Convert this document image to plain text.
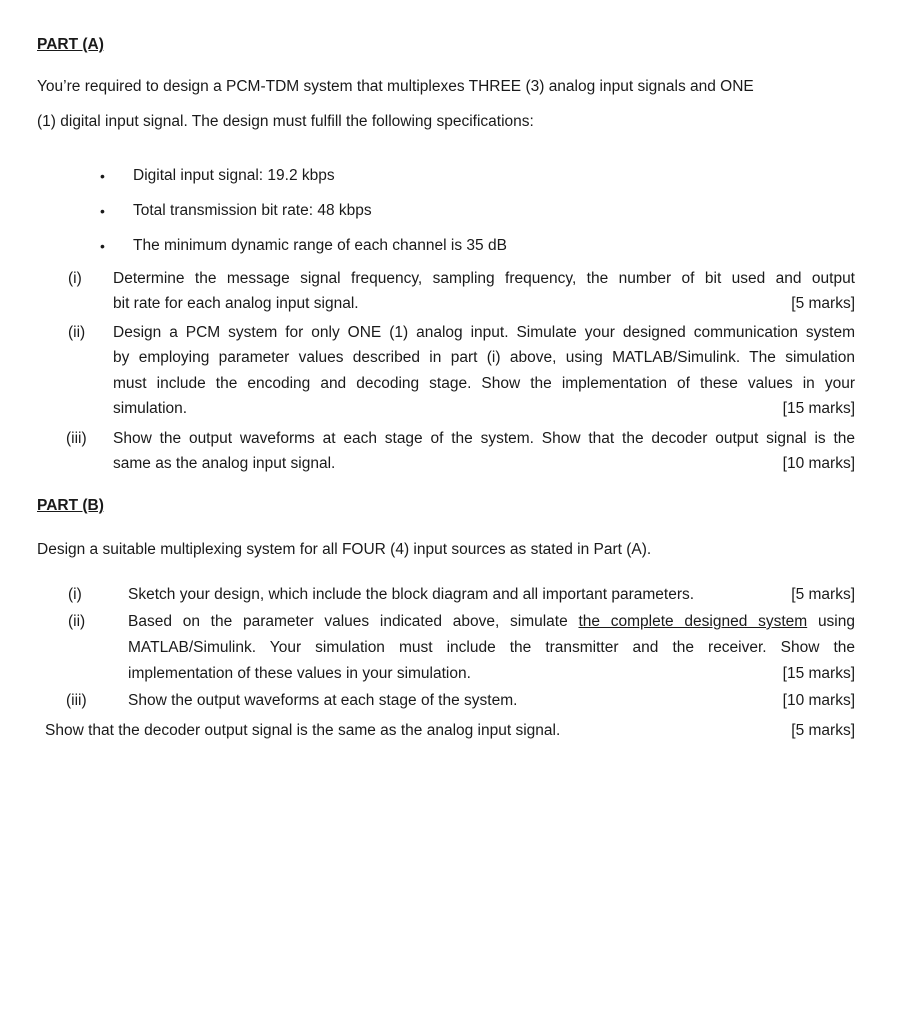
PART (A)
You’re required to design a PCM-TDM system that multiplexes THREE (3) analog input signals and ONE
(1) digital input signal. The design must fulfill the following specifications:
• Digital input signal: 19.2 kbps
• Total transmission bit rate: 48 kbps
• The minimum dynamic range of each channel is 35 dB
(i) Determine the message signal frequency, sampling frequency, the number of bit used and output
bit rate for each analog input signal.	[5 marks]
(ii) Design a PCM system for only ONE (1) analog input. Simulate your designed communication system
by employing parameter values described in part (i) above, using MATLAB/Simulink. The simulation
must include the encoding and decoding stage. Show the implementation of these values in your
simulation.	[15 marks]
(iii) Show the output waveforms at each stage of the system. Show that the decoder output signal is the
same as the analog input signal.	[10 marks]
PART (B)
Design a suitable multiplexing system for all FOUR (4) input sources as stated in Part (A).
(i)	Sketch your design, which include the block diagram and all important parameters.	[5 marks]
(ii)	Based on the parameter values indicated above, simulate the complete designed system using
MATLAB/Simulink. Your simulation must include the transmitter and the receiver. Show the
implementation of these values in your simulation.	[15 marks]
(iii)	Show the output waveforms at each stage of the system.	[10 marks]
Show that the decoder output signal is the same as the analog input signal.	[5 marks]
